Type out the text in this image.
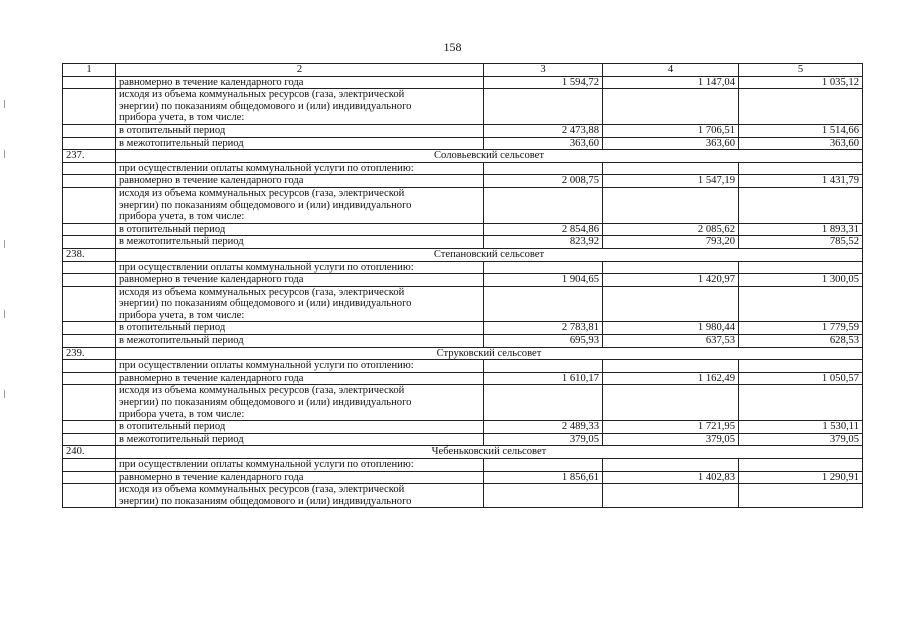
158
1	2	3	4	5
	равномерно в течение календарного года	1 594,72	1 147,04	1 035,12
	исходя из объема коммунальных ресурсов (газа, электрической
энергии) по показаниям общедомового и (или) индивидуального
прибора учета, в том числе:			
	в отопительный период	2 473,88	1 706,51	1 514,66
	в межотопительный период	363,60	363,60	363,60
237.	Соловьевский сельсовет			
	при осуществлении оплаты коммунальной услуги по отоплению:			
	равномерно в течение календарного года	2 008,75	1 547,19	1 431,79
	исходя из объема коммунальных ресурсов (газа, электрической
энергии) по показаниям общедомового и (или) индивидуального
прибора учета, в том числе:			
	в отопительный период	2 854,86	2 085,62	1 893,31
	в межотопительный период	823,92	793,20	785,52
238.	Степановский сельсовет			
	при осуществлении оплаты коммунальной услуги по отоплению:			
	равномерно в течение календарного года	1 904,65	1 420,97	1 300,05
	исходя из объема коммунальных ресурсов (газа, электрической
энергии) по показаниям общедомового и (или) индивидуального
прибора учета, в том числе:			
	в отопительный период	2 783,81	1 980,44	1 779,59
	в межотопительный период	695,93	637,53	628,53
239.	Струковский сельсовет			
	при осуществлении оплаты коммунальной услуги по отоплению:			
	равномерно в течение календарного года	1 610,17	1 162,49	1 050,57
	исходя из объема коммунальных ресурсов (газа, электрической
энергии) по показаниям общедомового и (или) индивидуального
прибора учета, в том числе:			
	в отопительный период	2 489,33	1 721,95	1 530,11
	в межотопительный период	379,05	379,05	379,05
240.	Чебеньковский сельсовет			
	при осуществлении оплаты коммунальной услуги по отоплению:			
	равномерно в течение календарного года	1 856,61	1 402,83	1 290,91
	исходя из объема коммунальных ресурсов (газа, электрической
энергии) по показаниям общедомового и (или) индивидуального			
